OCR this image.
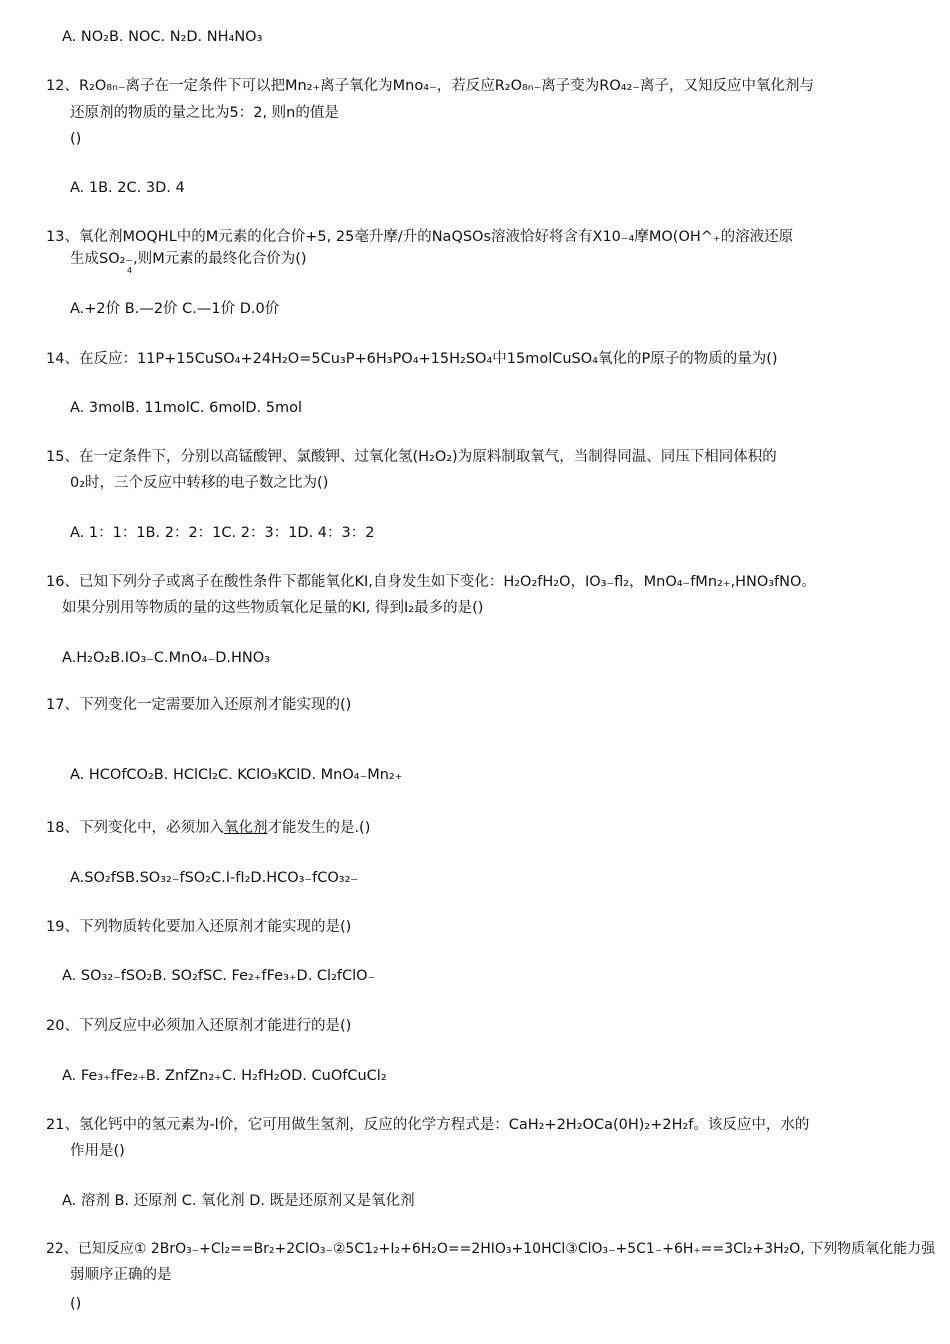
A. NO₂B. NOC. N₂D. NH₄NO₃
12、R₂O₈ₙ₋离子在一定条件下可以把Mn₂₊离子氧化为Mno₄₋，若反应R₂O₈ₙ₋离子变为RO₄₂₋离子，又知反应中氧化剂与
还原剂的物质的量之比为5：2, 则n的值是
()
A. 1B. 2C. 3D. 4
13、氧化剂MOQHL中的M元素的化合价+5, 25毫升摩/升的NaQSOs溶液恰好将含有X10₋₄摩MO(OH^₊的溶液还原
生成SO₂₋,则M元素的最终化合价为()
4
A.+2价 B.—2价 C.—1价 D.0价
14、在反应：11P+15CuSO₄+24H₂O=5Cu₃P+6H₃PO₄+15H₂SO₄中15molCuSO₄氧化的P原子的物质的量为()
A. 3molB. 11molC. 6molD. 5mol
15、在一定条件下，分别以高锰酸钾、氯酸钾、过氧化氢(H₂O₂)为原料制取氧气，当制得同温、同压下相同体积的
0₂时，三个反应中转移的电子数之比为()
A. 1：1：1B. 2：2：1C. 2：3：1D. 4：3：2
16、已知下列分子或离子在酸性条件下都能氧化KI,自身发生如下变化：H₂O₂fH₂O，IO₃₋fl₂，MnO₄₋fMn₂₊,HNO₃fNO。
如果分别用等物质的量的这些物质氧化足量的KI, 得到I₂最多的是()
A.H₂O₂B.IO₃₋C.MnO₄₋D.HNO₃
17、下列变化一定需要加入还原剂才能实现的()
A. HCOfCO₂B. HClCl₂C. KClO₃KClD. MnO₄₋Mn₂₊
18、下列变化中，必须加入氧化剂才能发生的是.()
A.SO₂fSB.SO₃₂₋fSO₂C.I-fI₂D.HCO₃₋fCO₃₂₋
19、下列物质转化要加入还原剂才能实现的是()
A. SO₃₂₋fSO₂B. SO₂fSC. Fe₂₊fFe₃₊D. Cl₂fClO₋
20、下列反应中必须加入还原剂才能进行的是()
A. Fe₃₊fFe₂₊B. ZnfZn₂₊C. H₂fH₂OD. CuOfCuCl₂
21、氢化钙中的氢元素为-l价，它可用做生氢剂，反应的化学方程式是：CaH₂+2H₂OCa(0H)₂+2H₂f。该反应中，水的
作用是()
A. 溶剂 B. 还原剂 C. 氧化剂 D. 既是还原剂又是氧化剂
22、已知反应① 2BrO₃₋+Cl₂==Br₂+2ClO₃₋②5C1₂+I₂+6H₂O==2HIO₃+10HCl③ClO₃₋+5C1₋+6H₊==3Cl₂+3H₂O, 下列物质氧化能力强
弱顺序正确的是
()
